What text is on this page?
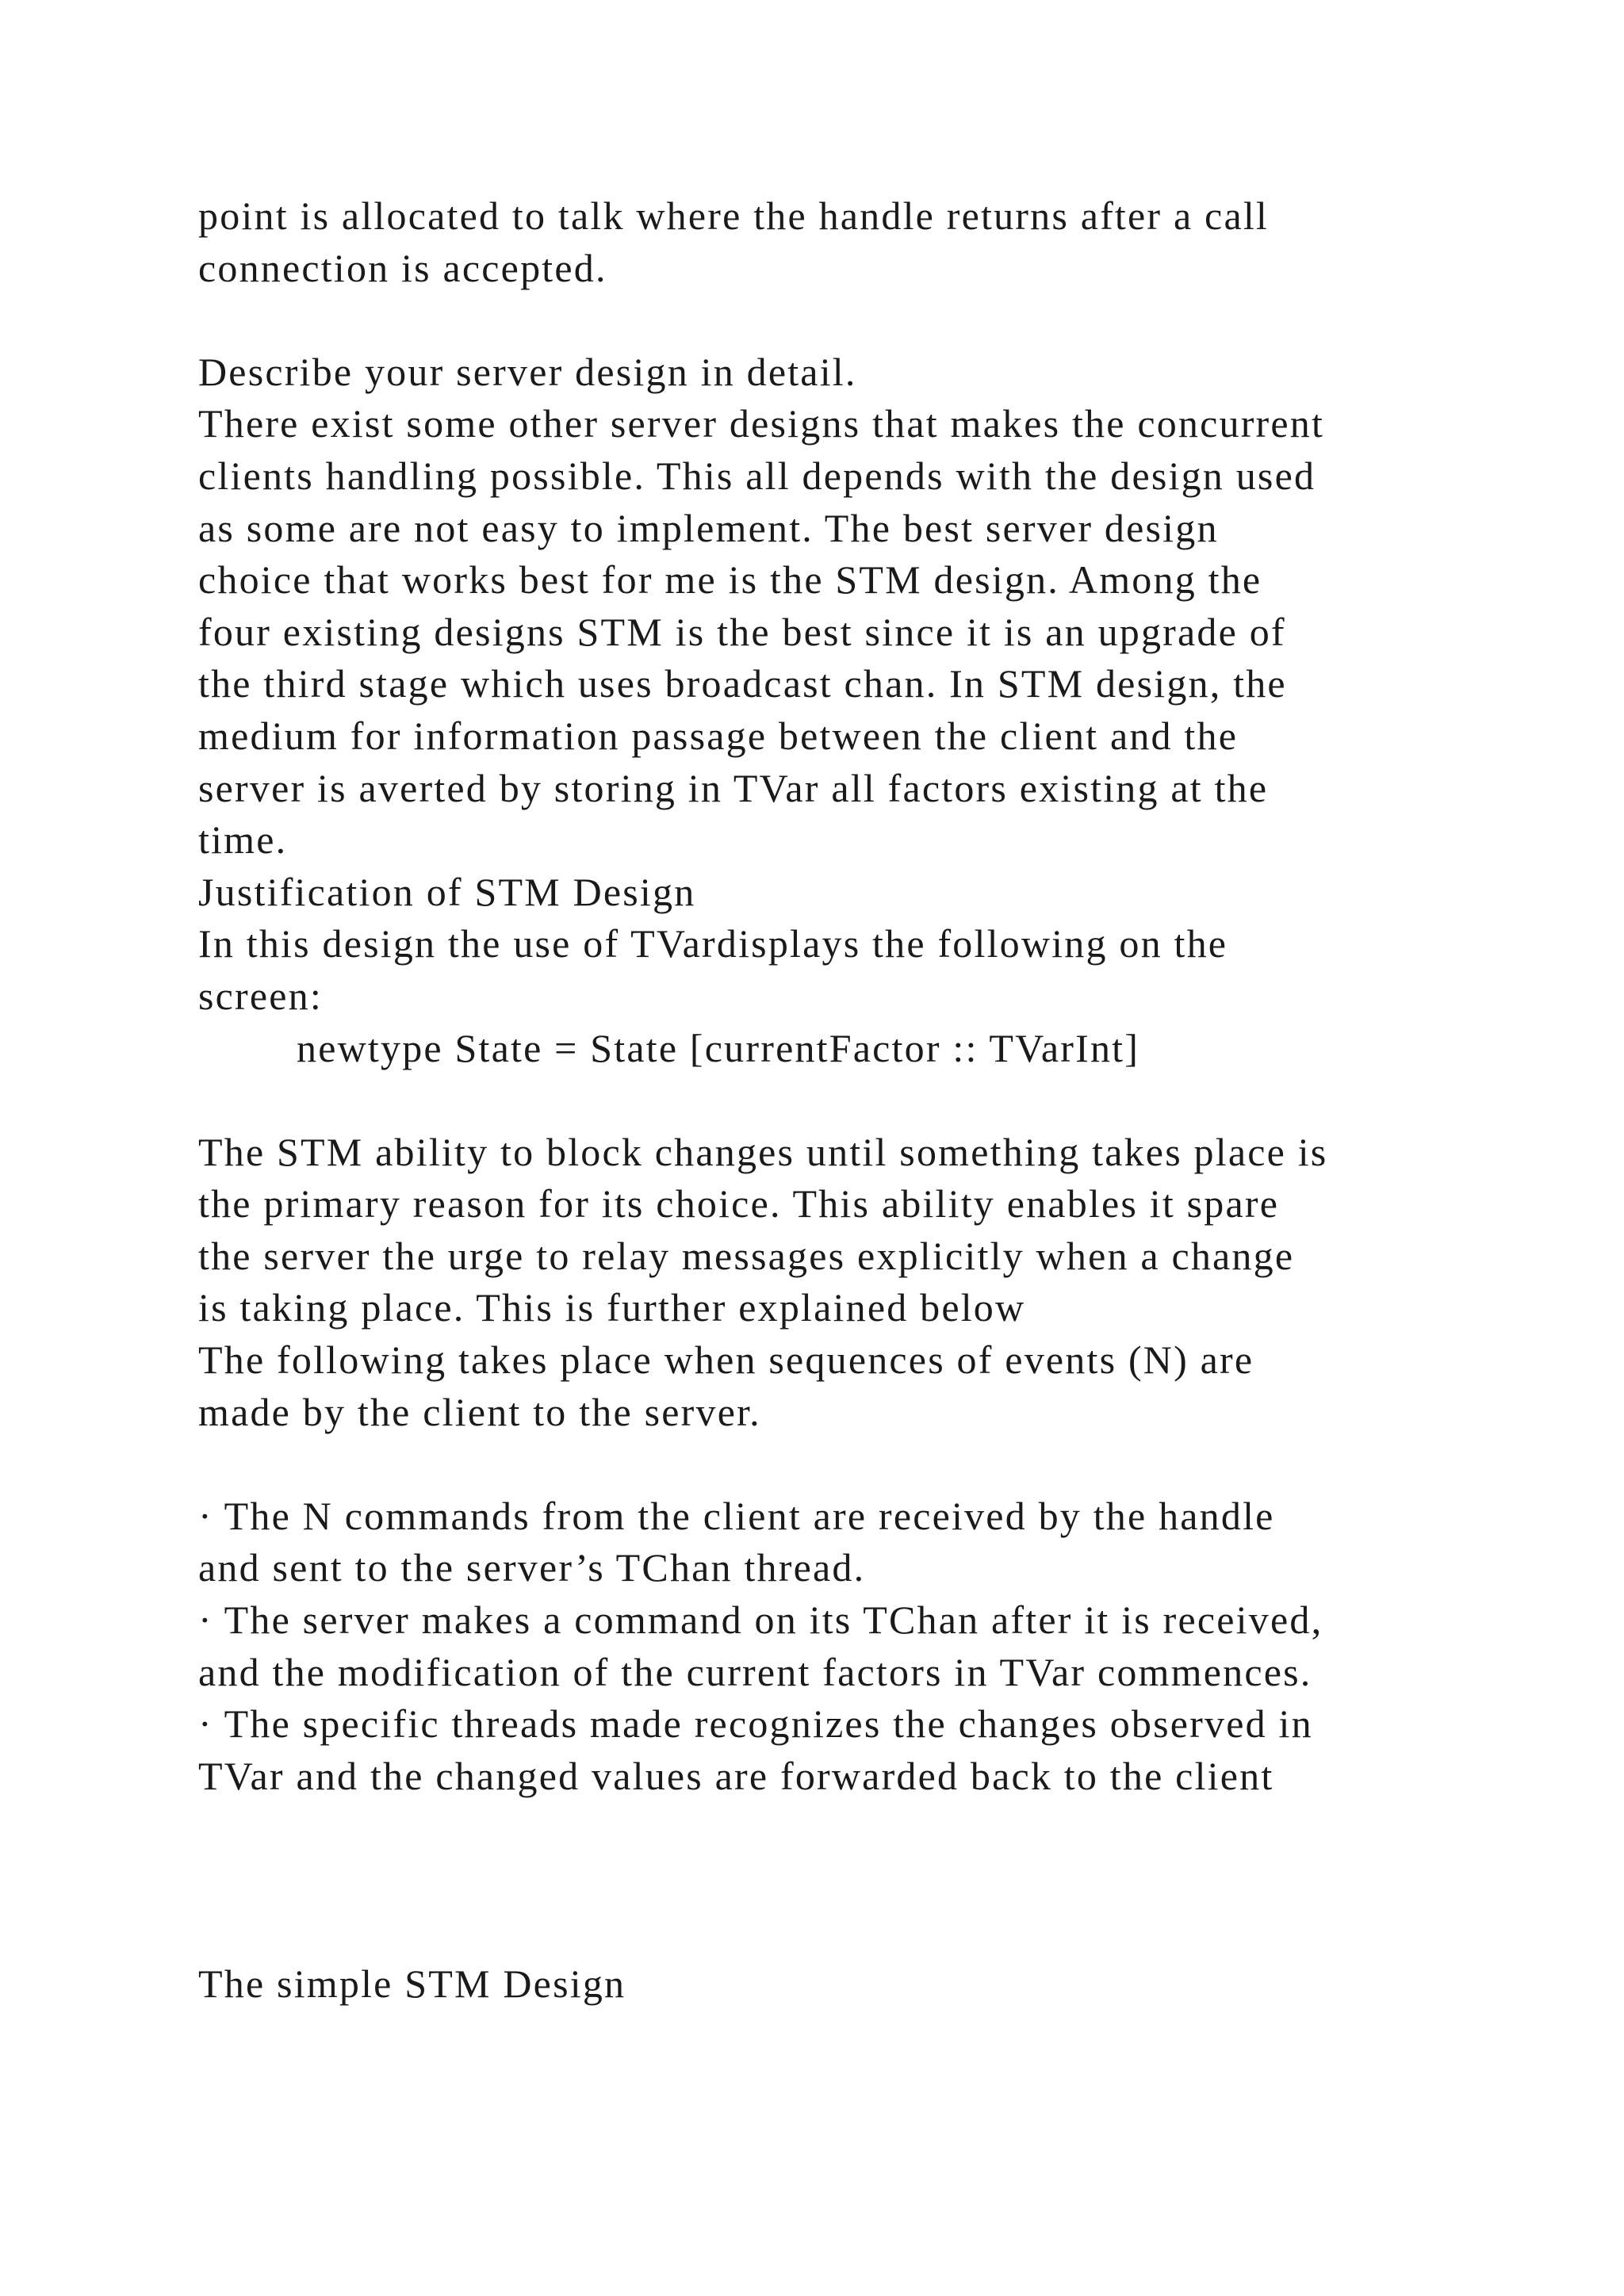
point is allocated to talk where the handle returns after a call
connection is accepted.
Describe your server design in detail.
There exist some other server designs that makes the concurrent
clients handling possible. This all depends with the design used
as some are not easy to implement. The best server design
choice that works best for me is the STM design. Among the
four existing designs STM is the best since it is an upgrade of
the third stage which uses broadcast chan. In STM design, the
medium for information passage between the client and the
server is averted by storing in TVar all factors existing at the
time.
Justification of STM Design
In this design the use of TVardisplays the following on the
screen:
newtype State = State [currentFactor :: TVarInt]
The STM ability to block changes until something takes place is
the primary reason for its choice. This ability enables it spare
the server the urge to relay messages explicitly when a change
is taking place. This is further explained below
The following takes place when sequences of events (N) are
made by the client to the server.
· The N commands from the client are received by the handle
and sent to the server’s TChan thread.
· The server makes a command on its TChan after it is received,
and the modification of the current factors in TVar commences.
· The specific threads made recognizes the changes observed in
TVar and the changed values are forwarded back to the client
The simple STM Design
